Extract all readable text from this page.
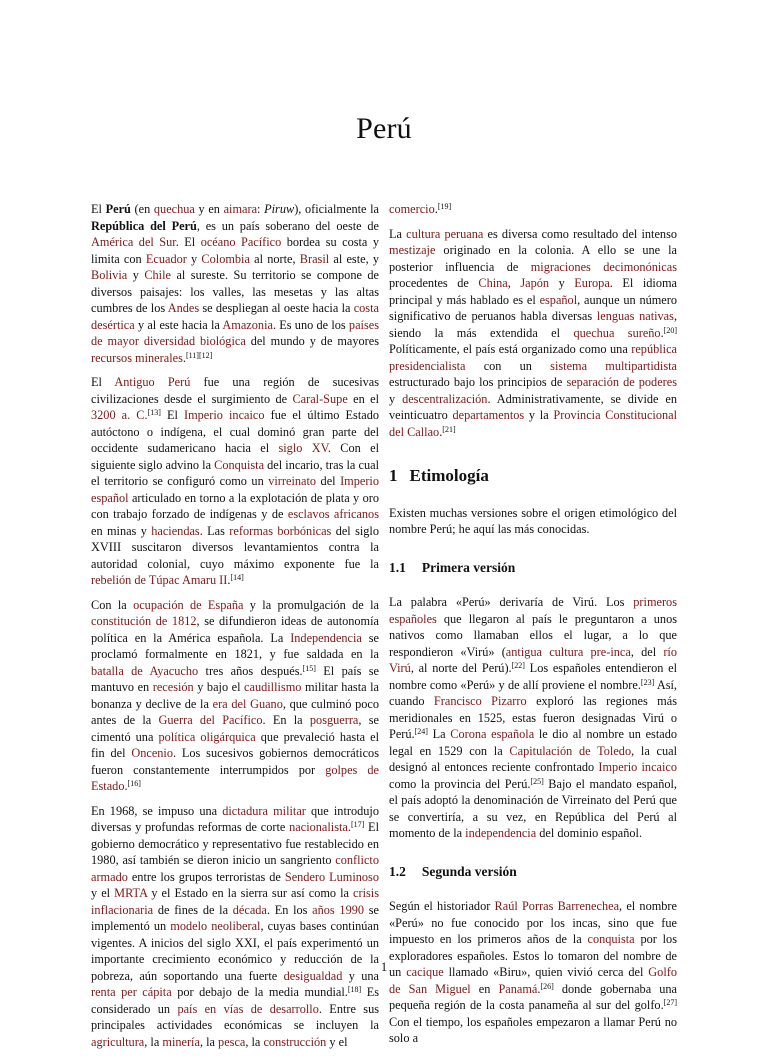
Perú

El Perú (en quechua y en aimara: Piruw), oficialmente la República del Perú, es un país soberano del oeste de América del Sur. El océano Pacífico bordea su costa y limita con Ecuador y Colombia al norte, Brasil al este, y Bolivia y Chile al sureste. Su territorio se compone de diversos paisajes: los valles, las mesetas y las altas cumbres de los Andes se despliegan al oeste hacia la costa desértica y al este hacia la Amazonia. Es uno de los países de mayor diversidad biológica del mundo y de mayores recursos minerales.[11][12]

El Antiguo Perú fue una región de sucesivas civilizaciones desde el surgimiento de Caral-Supe en el 3200 a. C.[13] El Imperio incaico fue el último Estado autóctono o indígena, el cual dominó gran parte del occidente sudamericano hacia el siglo XV. Con el siguiente siglo advino la Conquista del incario, tras la cual el territorio se configuró como un virreinato del Imperio español articulado en torno a la explotación de plata y oro con trabajo forzado de indígenas y de esclavos africanos en minas y haciendas. Las reformas borbónicas del siglo XVIII suscitaron diversos levantamientos contra la autoridad colonial, cuyo máximo exponente fue la rebelión de Túpac Amaru II.[14]

Con la ocupación de España y la promulgación de la constitución de 1812, se difundieron ideas de autonomía política en la América española. La Independencia se proclamó formalmente en 1821, y fue saldada en la batalla de Ayacucho tres años después.[15] El país se mantuvo en recesión y bajo el caudillismo militar hasta la bonanza y declive de la era del Guano, que culminó poco antes de la Guerra del Pacífico. En la posguerra, se cimentó una política oligárquica que prevaleció hasta el fin del Oncenio. Los sucesivos gobiernos democráticos fueron constantemente interrumpidos por golpes de Estado.[16]

En 1968, se impuso una dictadura militar que introdujo diversas y profundas reformas de corte nacionalista.[17] El gobierno democrático y representativo fue restablecido en 1980, así también se dieron inicio un sangriento conflicto armado entre los grupos terroristas de Sendero Luminoso y el MRTA y el Estado en la sierra sur así como la crisis inflacionaria de fines de la década. En los años 1990 se implementó un modelo neoliberal, cuyas bases continúan vigentes. A inicios del siglo XXI, el país experimentó un importante crecimiento económico y reducción de la pobreza, aún soportando una fuerte desigualdad y una renta per cápita por debajo de la media mundial.[18] Es considerado un país en vías de desarrollo. Entre sus principales actividades económicas se incluyen la agricultura, la minería, la pesca, la construcción y el

comercio.[19]

La cultura peruana es diversa como resultado del intenso mestizaje originado en la colonia. A ello se une la posterior influencia de migraciones decimonónicas procedentes de China, Japón y Europa. El idioma principal y más hablado es el español, aunque un número significativo de peruanos habla diversas lenguas nativas, siendo la más extendida el quechua sureño.[20] Políticamente, el país está organizado como una república presidencialista con un sistema multipartidista estructurado bajo los principios de separación de poderes y descentralización. Administrativamente, se divide en veinticuatro departamentos y la Provincia Constitucional del Callao.[21]

1 Etimología

Existen muchas versiones sobre el origen etimológico del nombre Perú; he aquí las más conocidas.

1.1 Primera versión

La palabra «Perú» derivaría de Virú. Los primeros españoles que llegaron al país le preguntaron a unos nativos como llamaban ellos el lugar, a lo que respondieron «Virú» (antigua cultura pre-inca, del río Virú, al norte del Perú).[22] Los españoles entendieron el nombre como «Perú» y de allí proviene el nombre.[23] Así, cuando Francisco Pizarro exploró las regiones más meridionales en 1525, estas fueron designadas Virú o Perú.[24] La Corona española le dio al nombre un estado legal en 1529 con la Capitulación de Toledo, la cual designó al entonces reciente confrontado Imperio incaico como la provincia del Perú.[25] Bajo el mandato español, el país adoptó la denominación de Virreinato del Perú que se convertiría, a su vez, en República del Perú al momento de la independencia del dominio español.

1.2 Segunda versión

Según el historiador Raúl Porras Barrenechea, el nombre «Perú» no fue conocido por los incas, sino que fue impuesto en los primeros años de la conquista por los exploradores españoles. Estos lo tomaron del nombre de un cacique llamado «Biru», quien vivió cerca del Golfo de San Miguel en Panamá.[26] donde gobernaba una pequeña región de la costa panameña al sur del golfo.[27] Con el tiempo, los españoles empezaron a llamar Perú no solo a

1
